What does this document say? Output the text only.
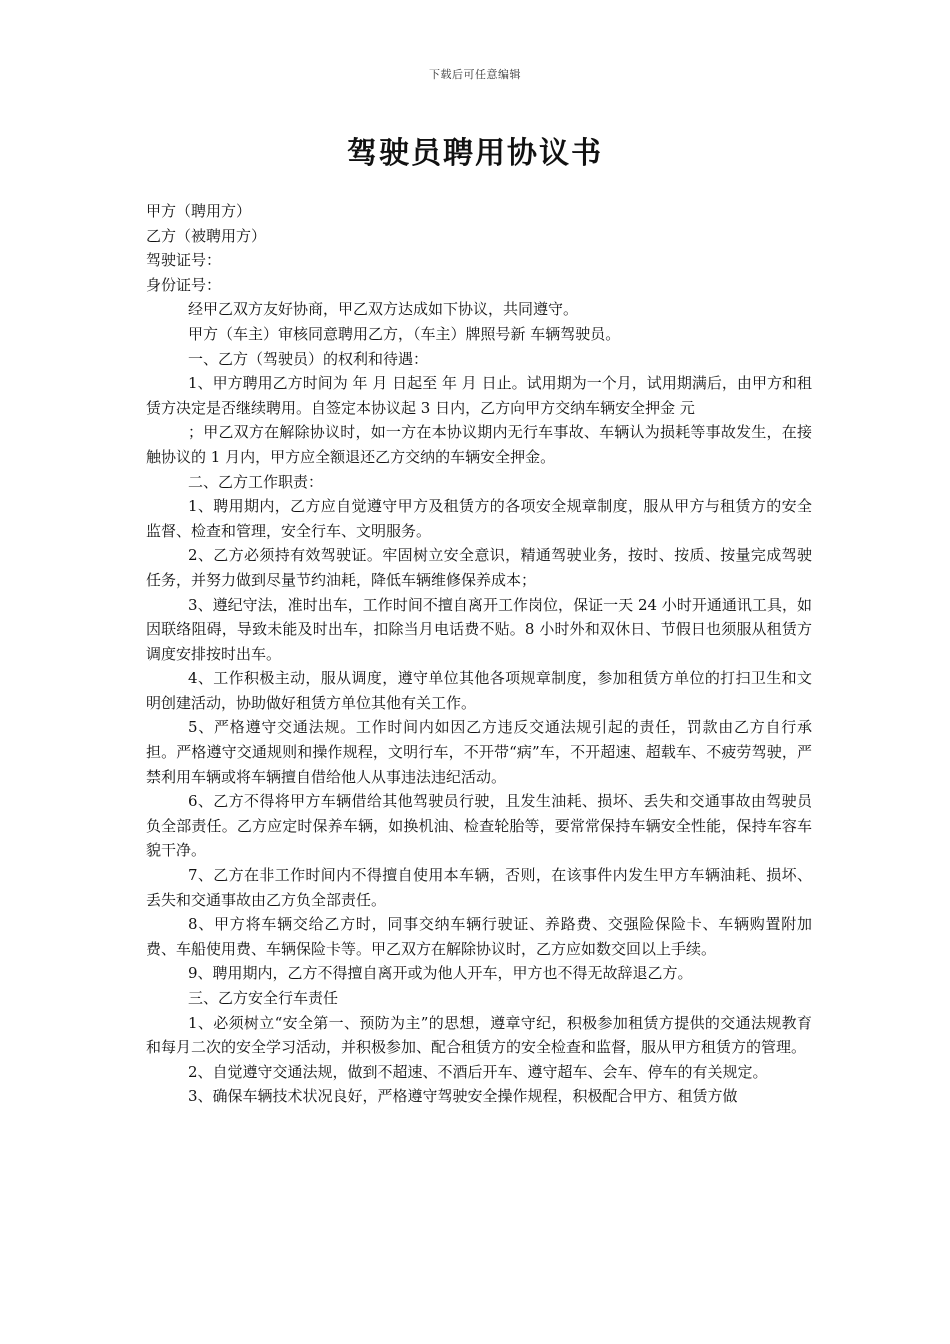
下载后可任意编辑
驾驶员聘用协议书

甲方（聘用方）

乙方（被聘用方）

驾驶证号：

身份证号：

经甲乙双方友好协商，甲乙双方达成如下协议，共同遵守。

甲方（车主）审核同意聘用乙方，（车主）牌照号新 车辆驾驶员。

一、乙方（驾驶员）的权利和待遇：

1、甲方聘用乙方时间为 年 月 日起至 年 月 日止。试用期为一个月，试用期满后，由甲方和租赁方决定是否继续聘用。自签定本协议起 3 日内，乙方向甲方交纳车辆安全押金 元

；甲乙双方在解除协议时，如一方在本协议期内无行车事故、车辆认为损耗等事故发生，在接触协议的 1 月内，甲方应全额退还乙方交纳的车辆安全押金。

二、乙方工作职责：

1、聘用期内，乙方应自觉遵守甲方及租赁方的各项安全规章制度，服从甲方与租赁方的安全监督、检查和管理，安全行车、文明服务。

2、乙方必须持有效驾驶证。牢固树立安全意识，精通驾驶业务，按时、按质、按量完成驾驶任务，并努力做到尽量节约油耗，降低车辆维修保养成本；

3、遵纪守法，准时出车，工作时间不擅自离开工作岗位，保证一天 24 小时开通通讯工具，如因联络阻碍，导致未能及时出车，扣除当月电话费不贴。8 小时外和双休日、节假日也须服从租赁方调度安排按时出车。

4、工作积极主动，服从调度，遵守单位其他各项规章制度，参加租赁方单位的打扫卫生和文明创建活动，协助做好租赁方单位其他有关工作。

5、严格遵守交通法规。工作时间内如因乙方违反交通法规引起的责任，罚款由乙方自行承担。严格遵守交通规则和操作规程，文明行车，不开带“病”车，不开超速、超载车、不疲劳驾驶，严禁利用车辆或将车辆擅自借给他人从事违法违纪活动。

6、乙方不得将甲方车辆借给其他驾驶员行驶，且发生油耗、损坏、丢失和交通事故由驾驶员负全部责任。乙方应定时保养车辆，如换机油、检查轮胎等，要常常保持车辆安全性能，保持车容车貌干净。

7、乙方在非工作时间内不得擅自使用本车辆，否则，在该事件内发生甲方车辆油耗、损坏、丢失和交通事故由乙方负全部责任。

8、甲方将车辆交给乙方时，同事交纳车辆行驶证、养路费、交强险保险卡、车辆购置附加费、车船使用费、车辆保险卡等。甲乙双方在解除协议时，乙方应如数交回以上手续。

9、聘用期内，乙方不得擅自离开或为他人开车，甲方也不得无故辞退乙方。

三、乙方安全行车责任

1、必须树立“安全第一、预防为主”的思想，遵章守纪，积极参加租赁方提供的交通法规教育和每月二次的安全学习活动，并积极参加、配合租赁方的安全检查和监督，服从甲方租赁方的管理。

2、自觉遵守交通法规，做到不超速、不酒后开车、遵守超车、会车、停车的有关规定。

3、确保车辆技术状况良好，严格遵守驾驶安全操作规程，积极配合甲方、租赁方做
